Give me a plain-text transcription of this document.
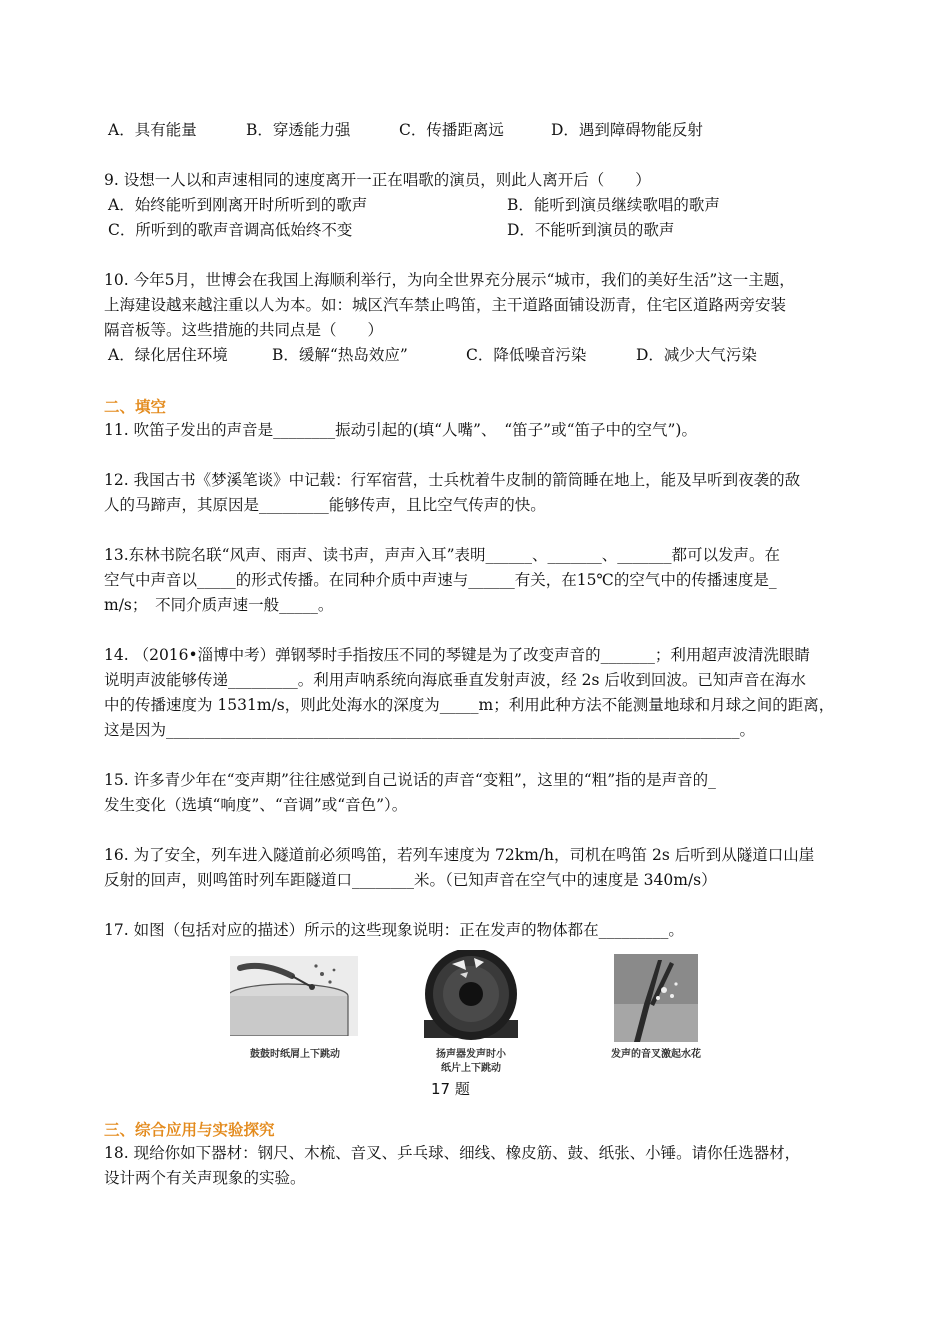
A．具有能量	B．穿透能力强	C．传播距离远	D．遇到障碍物能反射
9. 设想一人以和声速相同的速度离开一正在唱歌的演员，则此人离开后（　　）
A．始终能听到刚离开时所听到的歌声	B．能听到演员继续歌唱的歌声
C．所听到的歌声音调高低始终不变	D．不能听到演员的歌声
10. 今年5月，世博会在我国上海顺利举行，为向全世界充分展示“城市，我们的美好生活”这一主题，
上海建设越来越注重以人为本。如：城区汽车禁止鸣笛，主干道路面铺设沥青，住宅区道路两旁安装
隔音板等。这些措施的共同点是（　　）
A．绿化居住环境	B．缓解“热岛效应”	C．降低噪音污染	D．减少大气污染
二、填空
11. 吹笛子发出的声音是________振动引起的(填“人嘴”、　“笛子”或“笛子中的空气”)。
12. 我国古书《梦溪笔谈》中记载：行军宿营，士兵枕着牛皮制的箭筒睡在地上，能及早听到夜袭的敌
人的马蹄声，其原因是_________能够传声，且比空气传声的快。
13.东林书院名联“风声、雨声、读书声，声声入耳”表明______、_______、_______都可以发声。在
空气中声音以_____的形式传播。在同种介质中声速与______有关，在15℃的空气中的传播速度是_
m/s；　不同介质声速一般_____。
14. （2016•淄博中考）弹钢琴时手指按压不同的琴键是为了改变声音的_______；利用超声波清洗眼睛
说明声波能够传递_________。利用声呐系统向海底垂直发射声波，经 2s 后收到回波。已知声音在海水
中的传播速度为 1531m/s，则此处海水的深度为_____m；利用此种方法不能测量地球和月球之间的距离，
这是因为__________________________________________________________________________。
15. 许多青少年在“变声期”往往感觉到自己说话的声音“变粗”，这里的“粗”指的是声音的_
发生变化（选填“响度”、“音调”或“音色”）。
16. 为了安全，列车进入隧道前必须鸣笛，若列车速度为 72km/h，司机在鸣笛 2s 后听到从隧道口山崖
反射的回声，则鸣笛时列车距隧道口________米。（已知声音在空气中的速度是 340m/s）
17. 如图（包括对应的描述）所示的这些现象说明：正在发声的物体都在_________。
鼓鼓时纸屑上下跳动	扬声器发声时小
纸片上下跳动
发声的音叉激起水花
17 题
三、综合应用与实验探究
18. 现给你如下器材：钢尺、木梳、音叉、乒乓球、细线、橡皮筋、鼓、纸张、小锤。请你任选器材，
设计两个有关声现象的实验。
